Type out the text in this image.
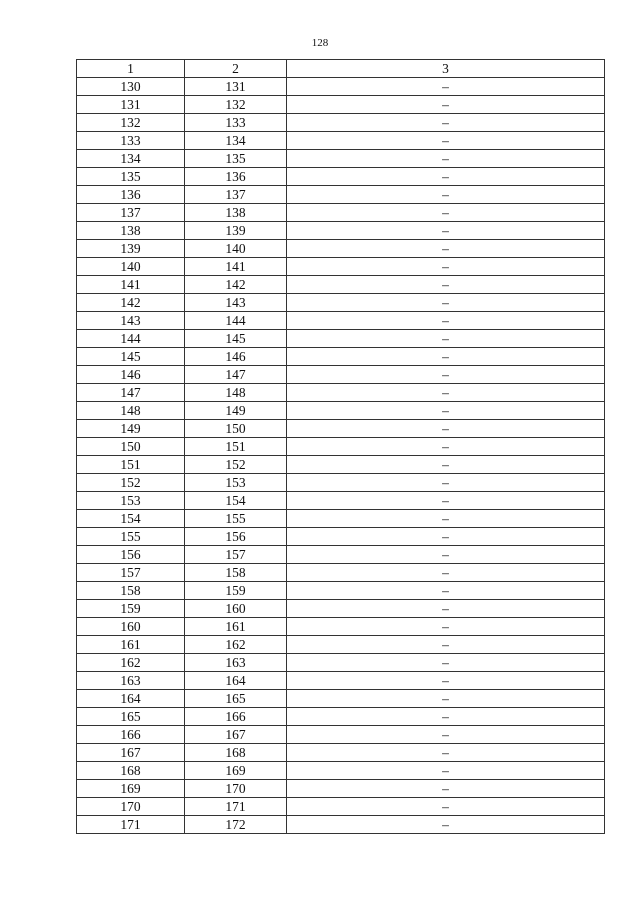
128
1	2	3
130	131	–
131	132	–
132	133	–
133	134	–
134	135	–
135	136	–
136	137	–
137	138	–
138	139	–
139	140	–
140	141	–
141	142	–
142	143	–
143	144	–
144	145	–
145	146	–
146	147	–
147	148	–
148	149	–
149	150	–
150	151	–
151	152	–
152	153	–
153	154	–
154	155	–
155	156	–
156	157	–
157	158	–
158	159	–
159	160	–
160	161	–
161	162	–
162	163	–
163	164	–
164	165	–
165	166	–
166	167	–
167	168	–
168	169	–
169	170	–
170	171	–
171	172	–
